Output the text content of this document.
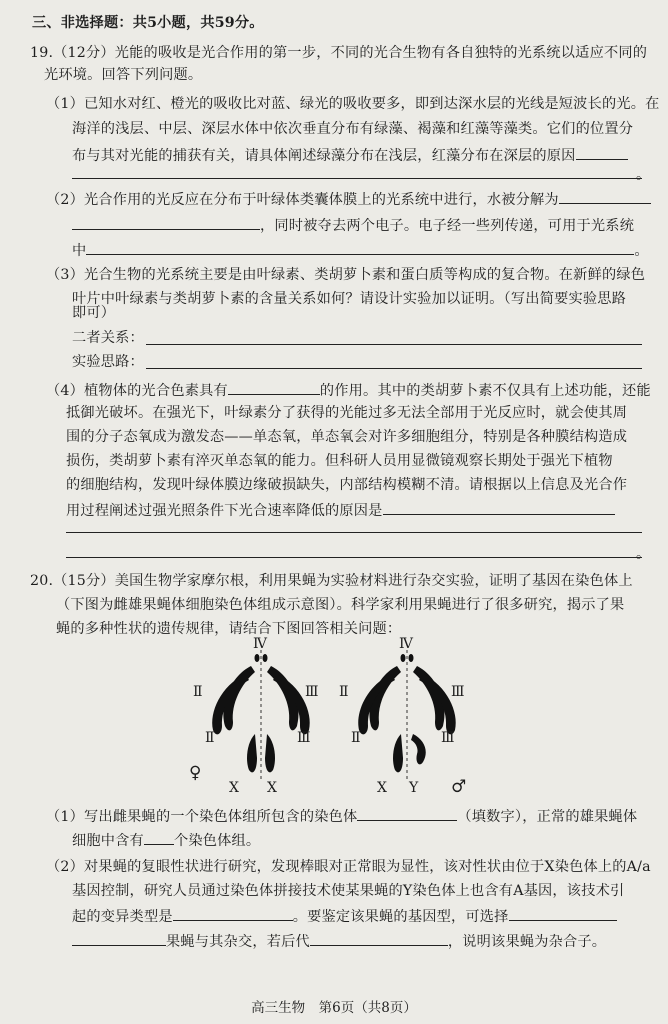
三、非选择题：共5小题，共59分。
19.（12分）光能的吸收是光合作用的第一步，不同的光合生物有各自独特的光系统以适应不同的
光环境。回答下列问题。
（1）已知水对红、橙光的吸收比对蓝、绿光的吸收要多，即到达深水层的光线是短波长的光。在
海洋的浅层、中层、深层水体中依次垂直分布有绿藻、褐藻和红藻等藻类。它们的位置分
布与其对光能的捕获有关，请具体阐述绿藻分布在浅层，红藻分布在深层的原因
。
（2）光合作用的光反应在分布于叶绿体类囊体膜上的光系统中进行，水被分解为
，同时被夺去两个电子。电子经一些列传递，可用于光系统
中	。
（3）光合生物的光系统主要是由叶绿素、类胡萝卜素和蛋白质等构成的复合物。在新鲜的绿色
叶片中叶绿素与类胡萝卜素的含量关系如何？请设计实验加以证明。（写出简要实验思路
即可）
二者关系：
实验思路：
（4）植物体的光合色素具有	的作用。其中的类胡萝卜素不仅具有上述功能，还能
抵御光破坏。在强光下，叶绿素分了获得的光能过多无法全部用于光反应时，就会使其周
围的分子态氧成为激发态——单态氧，单态氧会对许多细胞组分，特别是各种膜结构造成
损伤，类胡萝卜素有淬灭单态氧的能力。但科研人员用显微镜观察长期处于强光下植物
的细胞结构，发现叶绿体膜边缘破损缺失，内部结构模糊不清。请根据以上信息及光合作
用过程阐述过强光照条件下光合速率降低的原因是
。
20.（15分）美国生物学家摩尔根，利用果蝇为实验材料进行杂交实验，证明了基因在染色体上
（下图为雌雄果蝇体细胞染色体组成示意图）。科学家利用果蝇进行了很多研究，揭示了果
蝇的多种性状的遗传规律，请结合下图回答相关问题：
Ⅳ
Ⅱ	Ⅲ
Ⅱ	Ⅲ
Ⅳ
Ⅱ	Ⅲ
Ⅱ	Ⅲ
♀
X X	X Y ♂
（1）写出雌果蝇的一个染色体组所包含的染色体	（填数字），正常的雄果蝇体
细胞中含有 个染色体组。
（2）对果蝇的复眼性状进行研究，发现棒眼对正常眼为显性，该对性状由位于X染色体上的A/a
基因控制，研究人员通过染色体拼接技术使某果蝇的Y染色体上也含有A基因，该技术引
起的变异类型是	。要鉴定该果蝇的基因型，可选择
果蝇与其杂交，若后代	，说明该果蝇为杂合子。
高三生物　第6页（共8页）
